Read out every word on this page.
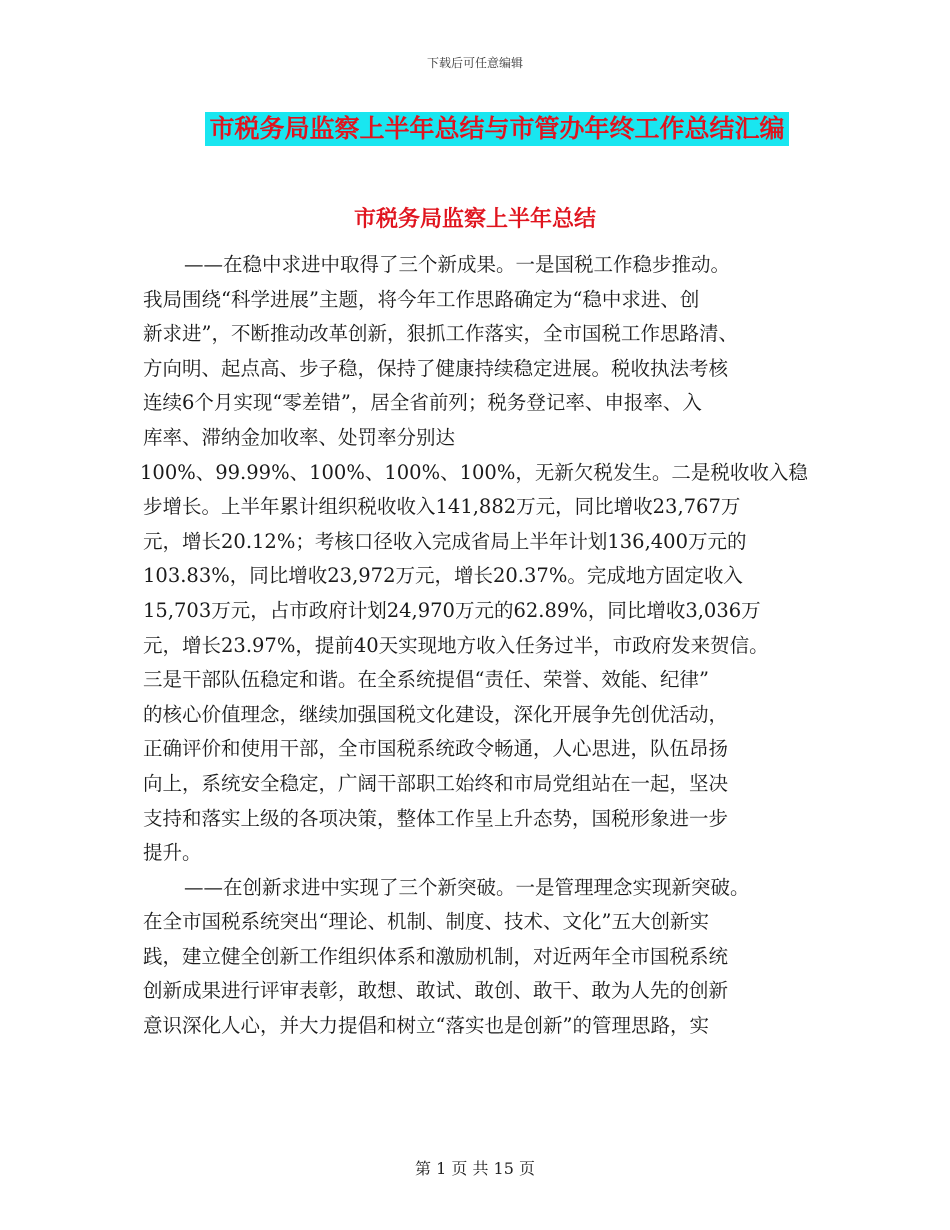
下载后可任意编辑
市税务局监察上半年总结与市管办年终工作总结汇编
市税务局监察上半年总结
——在稳中求进中取得了三个新成果。一是国税工作稳步推动。
我局围绕“科学进展”主题，将今年工作思路确定为“稳中求进、创
新求进”，不断推动改革创新，狠抓工作落实，全市国税工作思路清、
方向明、起点高、步子稳，保持了健康持续稳定进展。税收执法考核
连续6个月实现“零差错”，居全省前列；税务登记率、申报率、入
库率、滞纳金加收率、处罚率分别达
100%、99.99%、100%、100%、100%，无新欠税发生。二是税收收入稳
步增长。上半年累计组织税收收入141,882万元，同比增收23,767万
元，增长20.12%；考核口径收入完成省局上半年计划136,400万元的
103.83%，同比增收23,972万元，增长20.37%。完成地方固定收入
15,703万元，占市政府计划24,970万元的62.89%，同比增收3,036万
元，增长23.97%，提前40天实现地方收入任务过半，市政府发来贺信。
三是干部队伍稳定和谐。在全系统提倡“责任、荣誉、效能、纪律”
的核心价值理念，继续加强国税文化建设，深化开展争先创优活动，
正确评价和使用干部，全市国税系统政令畅通，人心思进，队伍昂扬
向上，系统安全稳定，广阔干部职工始终和市局党组站在一起，坚决
支持和落实上级的各项决策，整体工作呈上升态势，国税形象进一步
提升。
——在创新求进中实现了三个新突破。一是管理理念实现新突破。
在全市国税系统突出“理论、机制、制度、技术、文化”五大创新实
践，建立健全创新工作组织体系和激励机制，对近两年全市国税系统
创新成果进行评审表彰，敢想、敢试、敢创、敢干、敢为人先的创新
意识深化人心，并大力提倡和树立“落实也是创新”的管理思路，实
第 1 页 共 15 页
